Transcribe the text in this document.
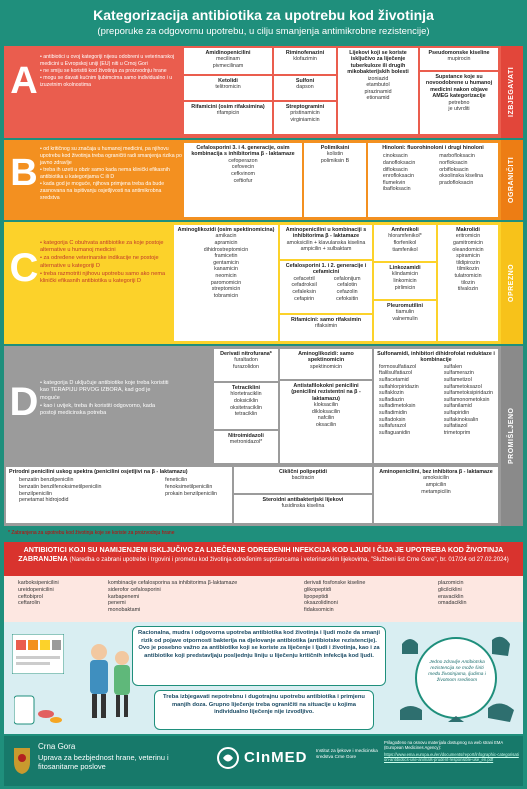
Kategorizacija antibiotika za upotrebu kod životinja
(preporuke za odgovornu upotrebu, u cilju smanjenja antimikrobne rezistencije)
A
• antibiotici u ovoj kategoriji nijesu odobreni u veterinarskoj medicini u Evropskoj uniji (EU) niti u Crnoj Gori
• ne smiju se koristiti kod životinja za proizvodnju hrane
• mogu se davati kućnim ljubimcima samo individualno i u izuzetnim okolnostima
Amidinopenicilini
mecilinam
pivmecilinam
Ketolidi
telitromicin
Rifamicini (osim rifaksimina)
rifampicin
Riminofenazini
klofazimin
Sulfoni
dapson
Streptogramini
pristinamicin
virginiamicin
Lijekovi koji se koriste isključivo za liječenje tuberkuloze ili drugih mikobakterijskih bolesti
izoniazid
etambutol
pirazinamid
etionamid
Pseudomonske kiseline
mupirocin
Supstance koje su novoodobrene u humanoj medicini nakon objave AMEG kategorizacije
petrebno
je utvrditi	IZBJEGAVATI
B
• od kritičnog su značaja u humanoj medicini, pa njihovu upotrebu kod životinja treba ograničiti radi smanjenja rizika po javno zdravlje
• treba ih uzeti u obzir samo kada nema klinički efikasnih antibiotika u kategorijama C ili D
• kada god je moguće, njihova primjena treba da bude zasnovana na ispitivanju osjetljivosti na antimikrobna sredstva
Cefalosporini 3. i 4. generacije, osim kombinacija s inhibitorima β - laktamaze
cefoperazon
cefovecin
cefkvinom
ceftiofur
Polimiksini
kolistin
polimiksin B
Hinoloni: fluorohinoloni i drugi hinoloni
cinoksacin
danofloksacin
difloksacin
enrofloksacin
flumekvin
ibafloksacin
marbofloksacin
norfloksacin
orbifloksacin
oksolinska kiselina
pradofloksacin	OGRANIČITI
C
• kategorija C obuhvata antibiotike za koje postoje alternative u humanoj medicini
• za određene veterinarske indikacije ne postoje alternative u kategoriji D
• treba razmotriti njihovu upotrebu samo ako nema klinički efikasnih antibiotika u kategoriji D
Aminoglikozidi (osim spektinomicina)
amikacin
apramicin
dihidrostreptomicin
framicetin
gentamicin
kanamicin
neomicin
paromomicin
streptomicin
tobramicin
Aminopenicilini u kombinaciji s inhibitorima β - laktamaze
amoksicilin + klavulanska kiselina
ampicilin + sulbaktam
Cefalosporini 1. i 2. generacije i cefamicini
cefacetril
cefadroksil
cefaleksin
cefapirin
cefalonijum
cefalotin
cefazolin
cefoksitin
Rifamicini: samo rifaksimin
rifaksimin
Amfenikoli
hloramfenikol*
florfenikol
tiamfenikol
Linkozamidi
klindamicin
linkomicin
pirlimicin
Pleuromutilini
tiamulin
valnemulin
Makrolidi
eritromicin
gamitromicin
oleandomicin
spiramicin
tildipirozin
tilmikozin
tulatromicin
tilozin
tilvalozin	OPREZNO
D • kategorija D uključuje antibiotike koje treba koristiti kao TERAPIJU PRVOG IZBORA, kad god je moguće
• kao i uvijek, treba ih koristiti odgovorno, kada postoji medicinska potreba
Derivati nitrofurana*
furaltadon
furazolidon
Tetraciklini
hlortetraciklin
doksiciklin
oksitetraciklin
tetraciklin
Nitroimidazoli
metronidazol*
Aminoglikozidi: samo spektinomicin
spektinomicin
Antistafilokokni penicilini (penicilini rezistentni na β - laktamazu)
kloksacilin
dikloksacilin
nafcilin
oksacilin
Sulfonamidi, inhibitori dihidrofolat reduktaze i kombinacije
formosulfatiazol
ftalilsulfatiazol
sulfacetamid
sulfahlorpiridazin
sulfaklozin
sulfadiazin
sulfadimetoksin
sulfadimidin
sulfadoksin
sulfafurazol
sulfaguanidin
sulfalen
sulfamerazin
sulfametizol
sulfametoksazol
sulfametoksipiridazin
sulfamonometoksin
sulfanilamid
sulfapiridin
sulfakinoksalin
sulfatiazol
trimetoprim
Prirodni penicilini uskog spektra (penicilini osjetljivi na β - laktamazu)
benzatin benzilpenicilin
benzatin benzilfenoksimetilpenicilin
benzilpenicilin
penetamat hidrojodid
feneticilin
fenoksimetilpenicilin
prokain benzilpenicilin
Ciklični polipeptidi
bacitracin
Steroidni antibakterijski lijekovi
fusidinska kiselina
Aminopenicilini, bez inhibitora β - laktamaze
amoksicilin
ampicilin
metampicilin
PROMIŠLJENO
* Zabranjena za upotrebu kod životinja koje se koriste za proizvodnju hrane
ANTIBIOTICI KOJI SU NAMIJENJENI ISKLJUČIVO ZA LIJEČENJE ODREĐENIH INFEKCIJA KOD LJUDI I ČIJA JE UPOTREBA KOD ŽIVOTINJA ZABRANJENA (Naredba o zabrani upotrebe i trgovini i prometu kod životinja određenim supstancama i veterinarskim lijekovima, "Službeni list Crne Gore", br. 017/24 od 27.02.2024)
karboksipenicilini
ureidopenicilini
ceftobiprol
ceftarolin
kombinacije cefalosporina sa inhibitorima β-laktamaze
siderofor cefalosporini
karbapenemi
penemi
monobaktami
derivati fosfonske kiseline
glikopeptidi
lipopeptidi
oksazolidinoni
fidaksomicin
plazomicin
glicilciklini
eravaciklin
omadaciklin
Racionalna, mudra i odgovorna upotreba antibiotika kod životinja i ljudi može da smanji rizik od pojave otpornosti bakterija na djelovanje antibiotika (antibiotske rezistencije). Ovo je posebno važno za antibiotike koji se koriste za liječenje i ljudi i životinja, kao i za antibiotike koji predstavljaju posljednju liniju u liječenju kritičnih infekcija kod ljudi.
Treba izbjegavati nepotrebnu i dugotrajnu upotrebu antibiotika i primjenu manjih doza. Grupno liječenje treba ograničiti na situacije u kojima individualno liječenje nije izvodljivo.
Jedno zdravlje Antibiotska rezistencija se može širiti među životinjama, ljudima i životnom sredinom
Crna Gora
Uprava za bezbjednost hrane, veterinu i fitosanitarne poslove
CInMED Institut za ljekove i medicinska sredstva Crne Gore
Prilagođeno na osnovu materijala dostupnog na web strani EMA (European Medicines Agency):
https://www.ema.europa.eu/en/documents/report/infographic-categorisation-antibiotics-use-animals-prudent-responsible-use_en.pdf
